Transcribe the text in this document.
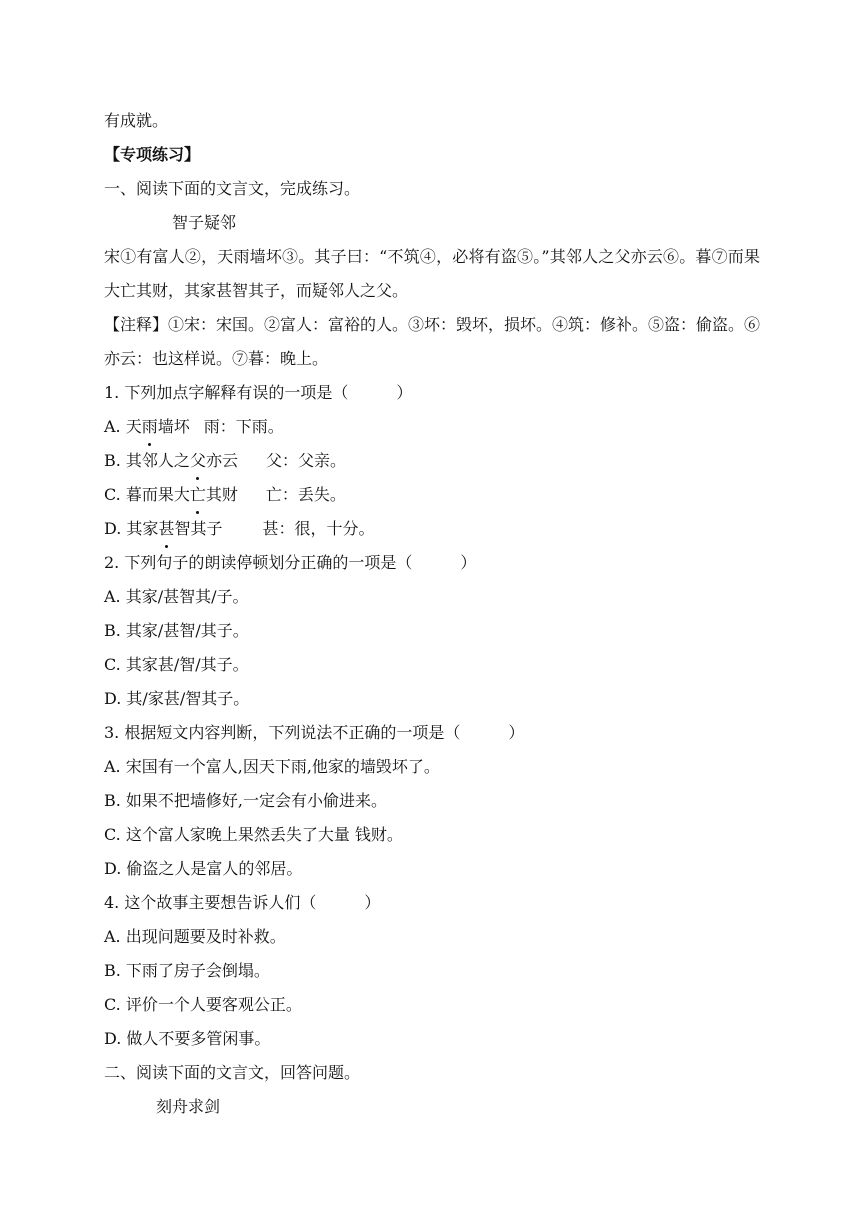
有成就。
【专项练习】
一、阅读下面的文言文，完成练习。
智子疑邻
宋①有富人②，天雨墙坏③。其子曰：“不筑④，必将有盗⑤。”其邻人之父亦云⑥。暮⑦而果大亡其财，其家甚智其子，而疑邻人之父。
【注释】①宋：宋国。②富人：富裕的人。③坏：毁坏，损坏。④筑：修补。⑤盗：偷盗。⑥亦云：也这样说。⑦暮：晚上。
1. 下列加点字解释有误的一项是（　　　）
A. 天雨墙坏 雨：下雨。
B. 其邻人之父亦云 父：父亲。
C. 暮而果大亡其财 亡：丢失。
D. 其家甚智其子	甚：很，十分。
2. 下列句子的朗读停顿划分正确的一项是（　　　）
A. 其家/甚智其/子。
B. 其家/甚智/其子。
C. 其家甚/智/其子。
D. 其/家甚/智其子。
3. 根据短文内容判断，下列说法不正确的一项是（　　　）
A. 宋国有一个富人,因天下雨,他家的墙毁坏了。
B. 如果不把墙修好,一定会有小偷进来。
C. 这个富人家晚上果然丢失了大量 钱财。
D. 偷盗之人是富人的邻居。
4. 这个故事主要想告诉人们（　　　）
A. 出现问题要及时补救。
B. 下雨了房子会倒塌。
C. 评价一个人要客观公正。
D. 做人不要多管闲事。
二、阅读下面的文言文，回答问题。
刻舟求剑
